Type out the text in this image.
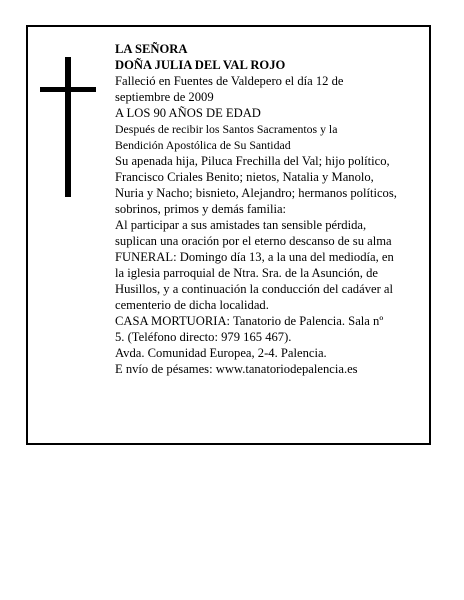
LA SEÑORA

DOÑA JULIA DEL VAL ROJO

Falleció en Fuentes de Valdepero el día 12 de

septiembre de 2009

A LOS 90 AÑOS DE EDAD

Después de recibir los Santos Sacramentos y la

Bendición Apostólica de Su Santidad

Su apenada hija, Piluca Frechilla del Val; hijo político,

Francisco Criales Benito; nietos, Natalia y Manolo,

Nuria y Nacho; bisnieto, Alejandro; hermanos políticos,

sobrinos, primos y demás familia:

Al participar a sus amistades tan sensible pérdida,

suplican una oración por el eterno descanso de su alma

FUNERAL: Domingo día 13, a la una del mediodía, en

la iglesia parroquial de Ntra. Sra. de la Asunción, de

Husillos, y a continuación la conducción del cadáver al

cementerio de dicha localidad.

CASA MORTUORIA: Tanatorio de Palencia. Sala nº

5. (Teléfono directo: 979 165 467).

Avda. Comunidad Europea, 2-4. Palencia.

E nvío de pésames: www.tanatoriodepalencia.es
